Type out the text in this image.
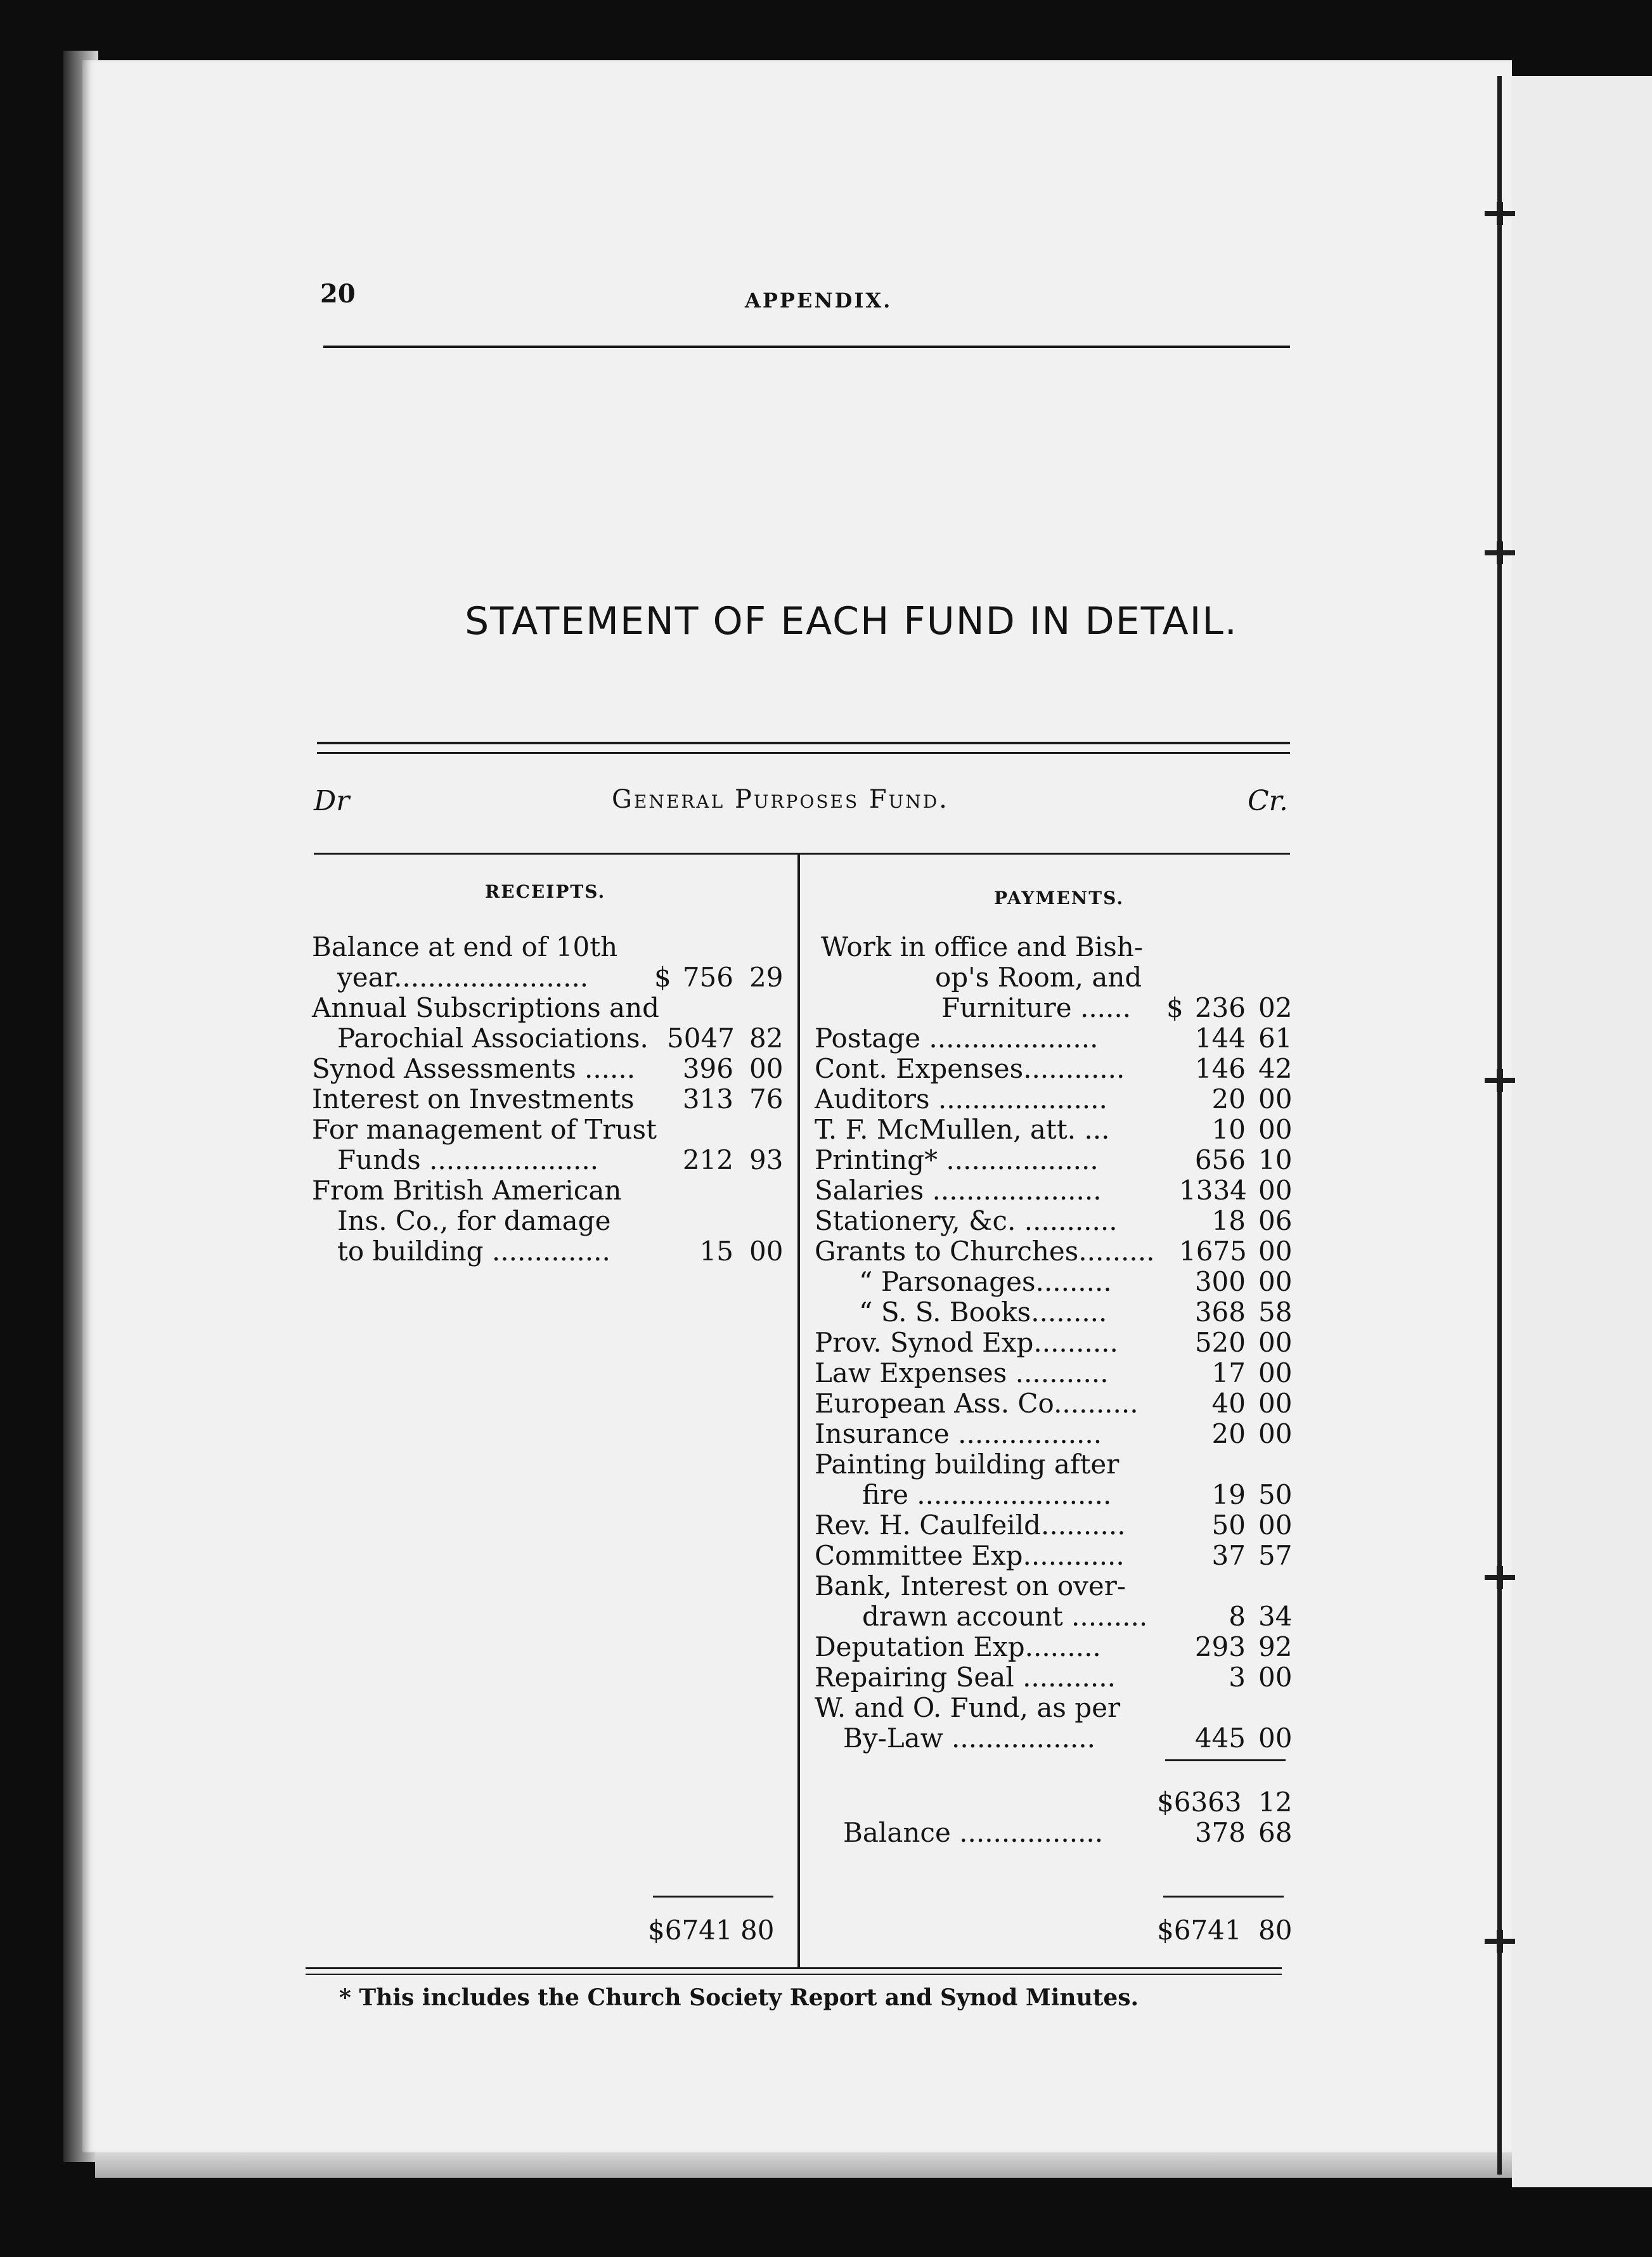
20	APPENDIX.
STATEMENT OF EACH FUND IN DETAIL.
Dr	General Purposes Fund.	Cr.
RECEIPTS.	PAYMENTS.
Balance at end of 10th
year....................... $ 756 29
Annual Subscriptions and
Parochial Associations. 5047 82
Synod Assessments ......	396 00
Interest on Investments	313 76
For management of Trust
Funds ....................	212 93
From British American
Ins. Co., for damage
to building ..............	15 00
$6741 80
Work in office and Bish-
op's Room, and
Furniture ...... $ 236 02
Postage ....................	144 61
Cont. Expenses............	146 42
Auditors ....................	20 00
T. F. McMullen, att. ...	10 00
Printing* ..................	656 10
Salaries ....................	1334 00
Stationery, &c. ...........	18 06
Grants to Churches......... 1675 00
“ Parsonages.........	300 00
“ S. S. Books.........	368 58
Prov. Synod Exp..........	520 00
Law Expenses ...........	17 00
European Ass. Co..........	40 00
Insurance .................	20 00
Painting building after
fire .......................	19 50
Rev. H. Caulfeild..........	50 00
Committee Exp............	37 57
Bank, Interest on over-
drawn account .........	8 34
Deputation Exp.........	293 92
Repairing Seal ...........	3 00
W. and O. Fund, as per
By-Law .................	445 00
$6363 12
Balance .................	378 68
$6741 80
* This includes the Church Society Report and Synod Minutes.
